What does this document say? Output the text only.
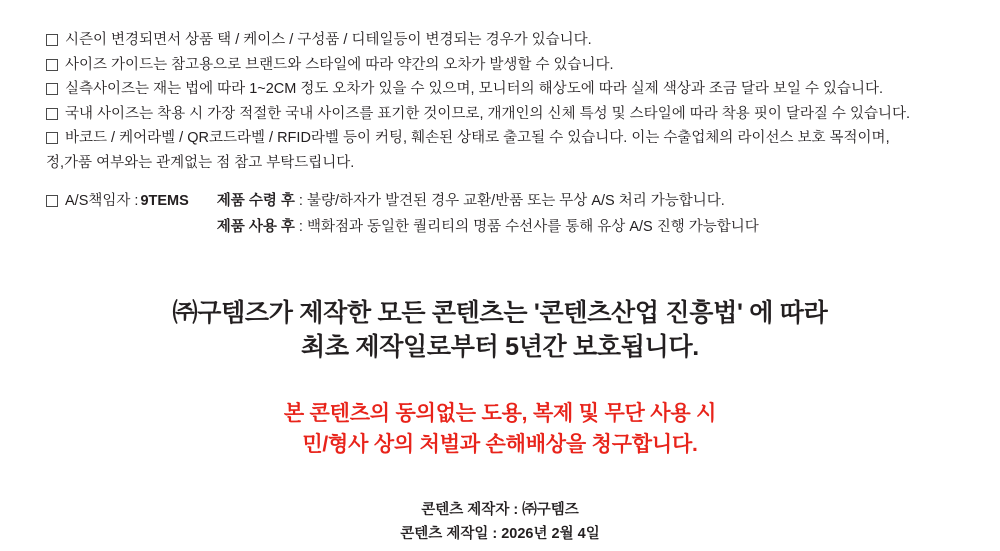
시즌이 변경되면서 상품 택 / 케이스 / 구성품 / 디테일등이 변경되는 경우가 있습니다.
사이즈 가이드는 참고용으로 브랜드와 스타일에 따라 약간의 오차가 발생할 수 있습니다.
실측사이즈는 재는 법에 따라 1~2CM 정도 오차가 있을 수 있으며, 모니터의 해상도에 따라 실제 색상과 조금 달라 보일 수 있습니다.
국내 사이즈는 착용 시 가장 적절한 국내 사이즈를 표기한 것이므로, 개개인의 신체 특성 및 스타일에 따라 착용 핏이 달라질 수 있습니다.
바코드 / 케어라벨 / QR코드라벨 / RFID라벨 등이 커팅, 훼손된 상태로 출고될 수 있습니다. 이는 수출업체의 라이선스 보호 목적이며,
정,가품 여부와는 관계없는 점 참고 부탁드립니다.
A/S책임자 : 9TEMS 제품 수령 후 : 불량/하자가 발견된 경우 교환/반품 또는 무상 A/S 처리 가능합니다.
제품 사용 후 : 백화점과 동일한 퀄리티의 명품 수선사를 통해 유상 A/S 진행 가능합니다
㈜구템즈가 제작한 모든 콘텐츠는 '콘텐츠산업 진흥법' 에 따라
최초 제작일로부터 5년간 보호됩니다.
본 콘텐츠의 동의없는 도용, 복제 및 무단 사용 시
민/형사 상의 처벌과 손해배상을 청구합니다.
콘텐츠 제작자 : ㈜구템즈
콘텐츠 제작일 : 2026년 2월 4일
